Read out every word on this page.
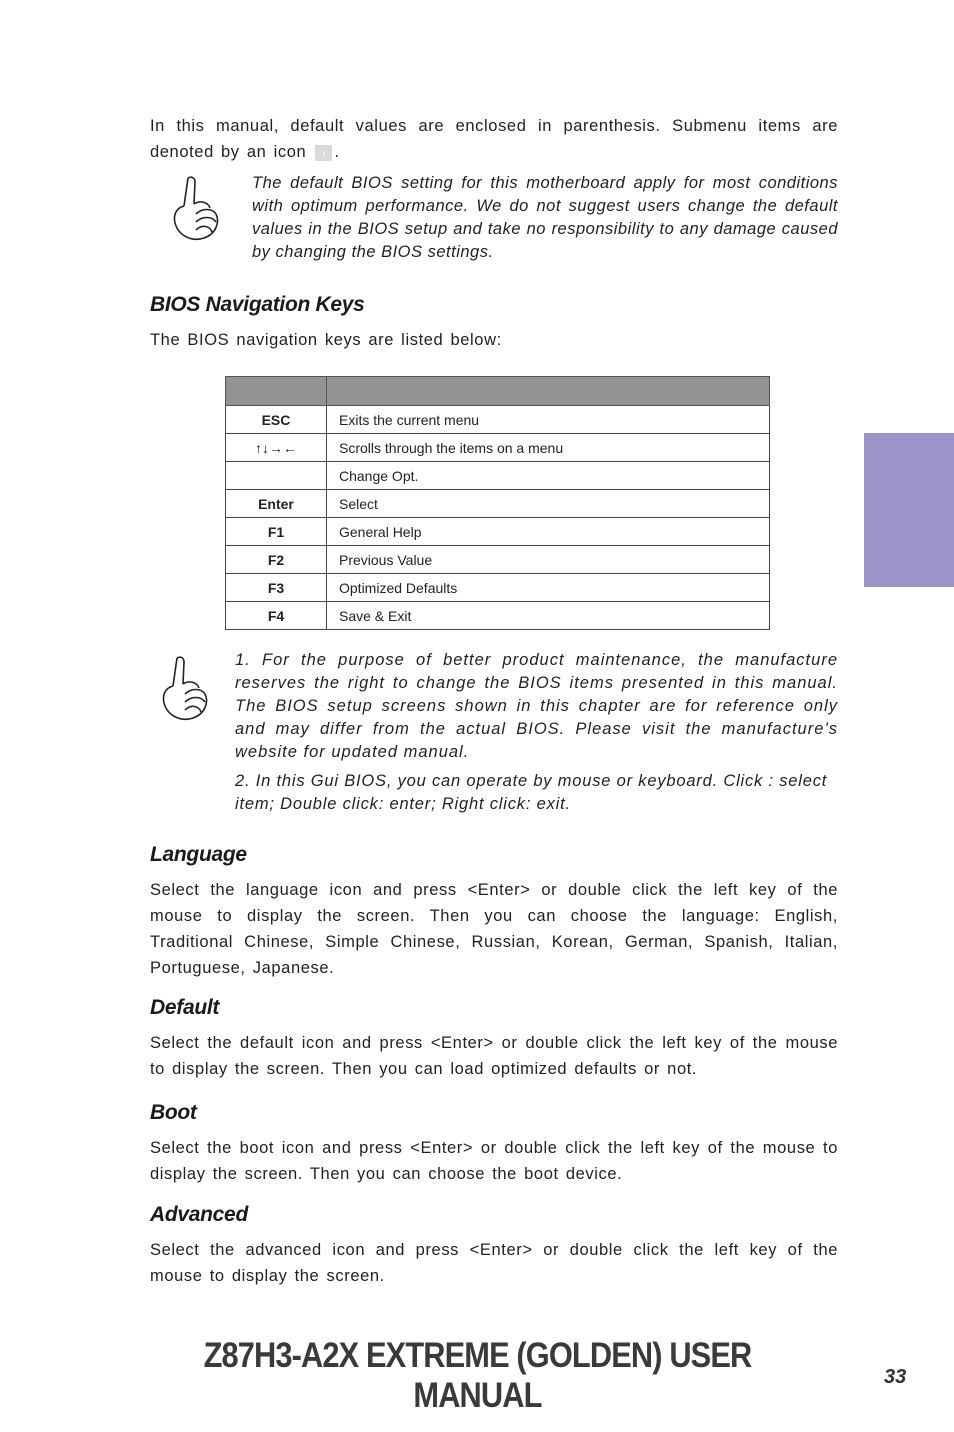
In this manual, default values are enclosed in parenthesis. Submenu items are denoted by an icon › .

The default BIOS setting for this motherboard apply for most conditions with optimum performance. We do not suggest users change the default values in the BIOS setup and take no responsibility to any damage caused by changing the BIOS settings.

BIOS Navigation Keys

The BIOS navigation keys are listed below:

ESC	Exits the current menu
↑↓→←	Scrolls through the items on a menu
	Change Opt.
Enter	Select
F1	General Help
F2	Previous Value
F3	Optimized Defaults
F4	Save & Exit

1. For the purpose of better product maintenance, the manufacture reserves the right to change the BIOS items presented in this manual. The BIOS setup screens shown in this chapter are for reference only and may differ from the actual BIOS. Please visit the manufacture’s website for updated manual.

2. In this Gui BIOS, you can operate by mouse or keyboard. Click : select item; Double click: enter; Right click: exit.

Language

Select the language icon and press <Enter> or double click the left key of the mouse to display the screen. Then you can choose the language: English, Traditional Chinese, Simple Chinese, Russian, Korean, German, Spanish, Italian, Portuguese, Japanese.

Default

Select the default icon and press <Enter> or double click the left key of the mouse to display the screen. Then you can load optimized defaults or not.

Boot

Select the boot icon and press <Enter> or double click the left key of the mouse to display the screen. Then you can choose the boot device.

Advanced

Select the advanced icon and press <Enter> or double click the left key of the mouse to display the screen.

Z87H3-A2X EXTREME (GOLDEN) USER MANUAL	33
